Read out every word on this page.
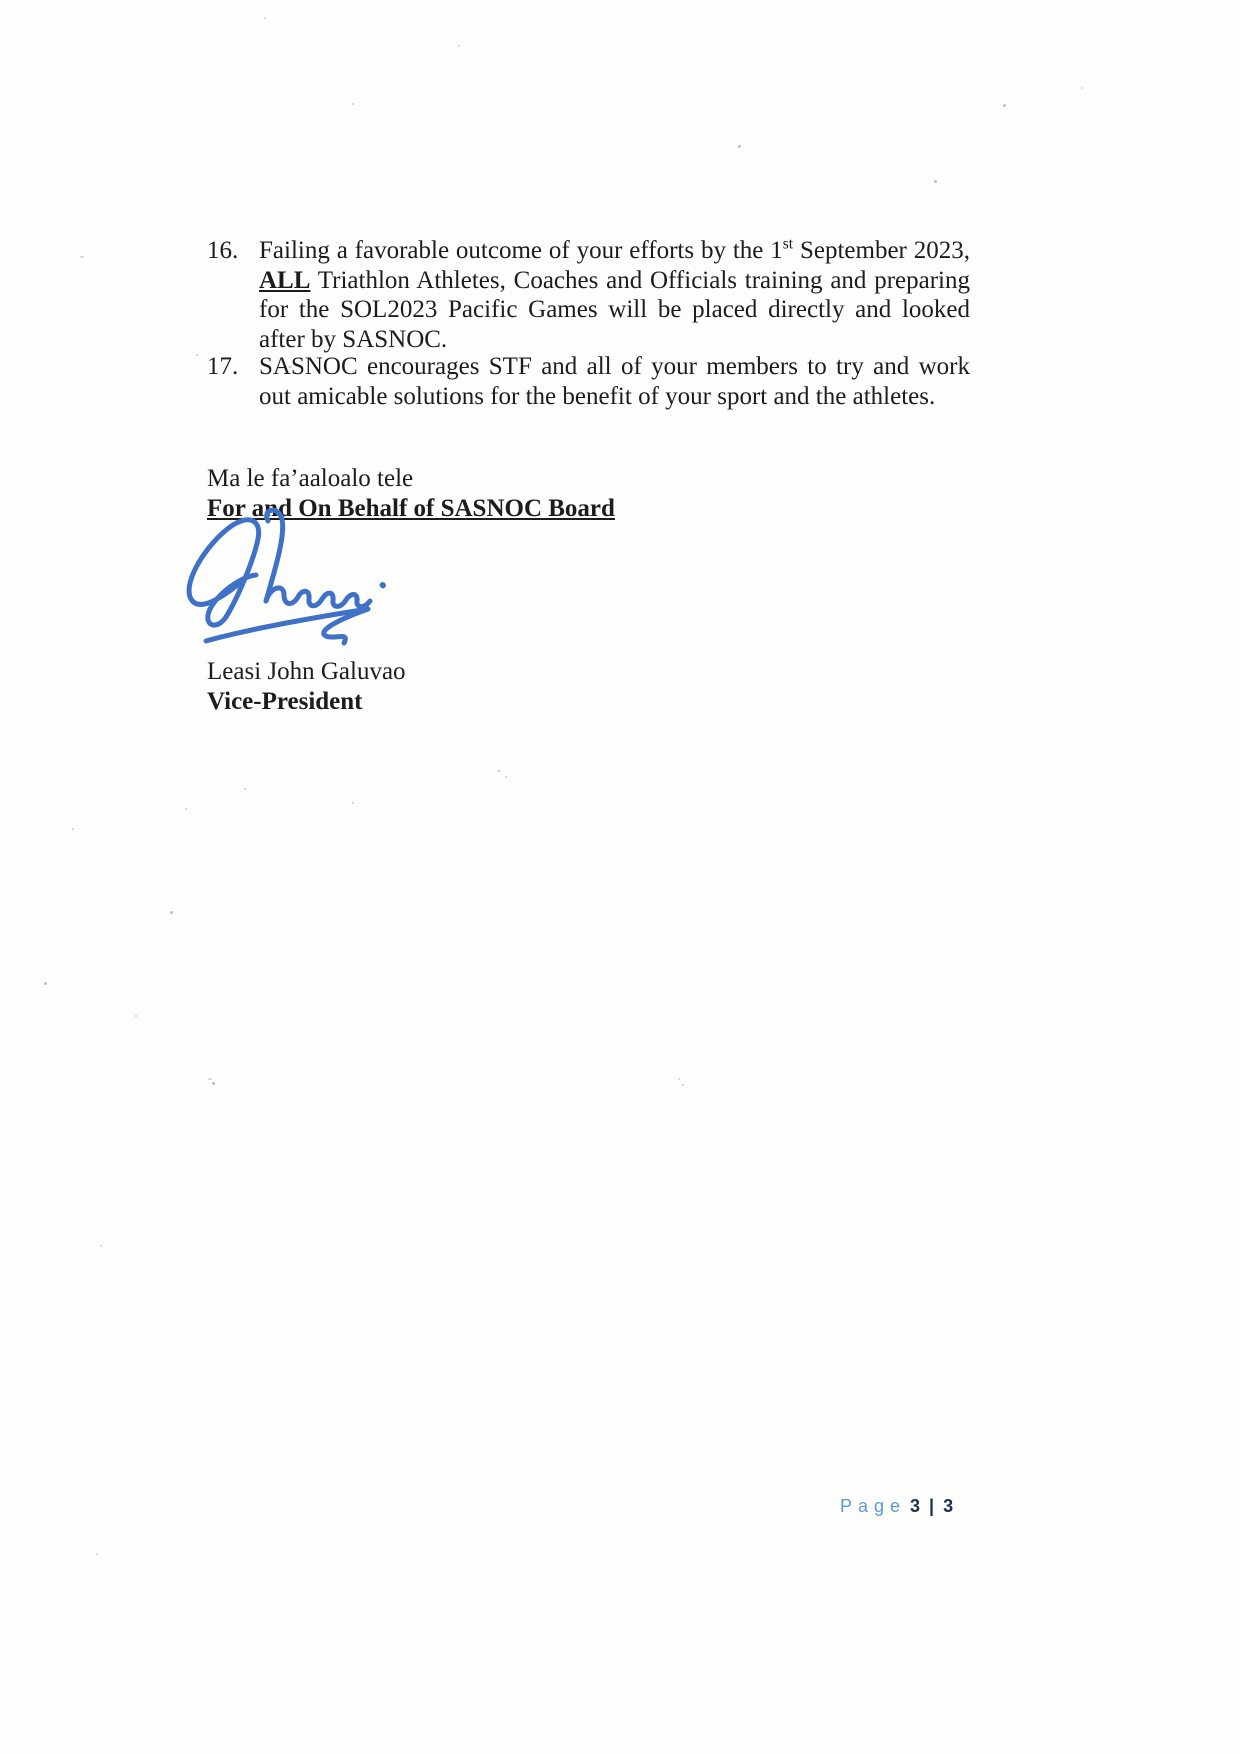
16. Failing a favorable outcome of your efforts by the 1st September 2023, ALL Triathlon Athletes, Coaches and Officials training and preparing for the SOL2023 Pacific Games will be placed directly and looked after by SASNOC.
17. SASNOC encourages STF and all of your members to try and work out amicable solutions for the benefit of your sport and the athletes.
Ma le fa’aaloalo tele
For and On Behalf of SASNOC Board
Leasi John Galuvao
Vice-President
Page 3 | 3
